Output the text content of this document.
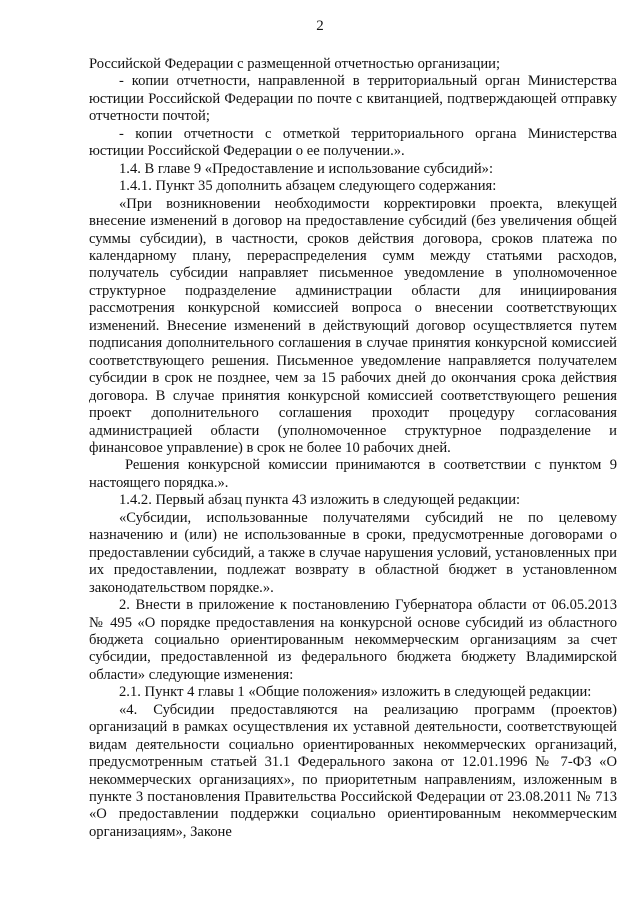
2

Российской Федерации с размещенной отчетностью организации;

- копии отчетности, направленной в территориальный орган Министерства юстиции Российской Федерации по почте с квитанцией, подтверждающей отправку отчетности почтой;

- копии отчетности с отметкой территориального органа Министерства юстиции Российской Федерации о ее получении.».

1.4. В главе 9 «Предоставление и использование субсидий»:

1.4.1. Пункт 35 дополнить абзацем следующего содержания:

«При возникновении необходимости корректировки проекта, влекущей внесение изменений в договор на предоставление субсидий (без увеличения общей суммы субсидии), в частности, сроков действия договора, сроков платежа по календарному плану, перераспределения сумм между статьями расходов, получатель субсидии направляет письменное уведомление в уполномоченное структурное подразделение администрации области для инициирования рассмотрения конкурсной комиссией вопроса о внесении соответствующих изменений. Внесение изменений в действующий договор осуществляется путем подписания дополнительного соглашения в случае принятия конкурсной комиссией соответствующего решения. Письменное уведомление направляется получателем субсидии в срок не позднее, чем за 15 рабочих дней до окончания срока действия договора. В случае принятия конкурсной комиссией соответствующего решения проект дополнительного соглашения проходит процедуру согласования администрацией области (уполномоченное структурное подразделение и финансовое управление) в срок не более 10 рабочих дней.

Решения конкурсной комиссии принимаются в соответствии с пунктом 9 настоящего порядка.».

1.4.2. Первый абзац пункта 43 изложить в следующей редакции:

«Субсидии, использованные получателями субсидий не по целевому назначению и (или) не использованные в сроки, предусмотренные договорами о предоставлении субсидий, а также в случае нарушения условий, установленных при их предоставлении, подлежат возврату в областной бюджет в установленном законодательством порядке.».

2. Внести в приложение к постановлению Губернатора области от 06.05.2013 № 495 «О порядке предоставления на конкурсной основе субсидий из областного бюджета социально ориентированным некоммерческим организациям за счет субсидии, предоставленной из федерального бюджета бюджету Владимирской области» следующие изменения:

2.1. Пункт 4 главы 1 «Общие положения» изложить в следующей редакции:

«4. Субсидии предоставляются на реализацию программ (проектов) организаций в рамках осуществления их уставной деятельности, соответствующей видам деятельности социально ориентированных некоммерческих организаций, предусмотренным статьей 31.1 Федерального закона от 12.01.1996 № 7-ФЗ «О некоммерческих организациях», по приоритетным направлениям, изложенным в пункте 3 постановления Правительства Российской Федерации от 23.08.2011 № 713 «О предоставлении поддержки социально ориентированным некоммерческим организациям», Законе
